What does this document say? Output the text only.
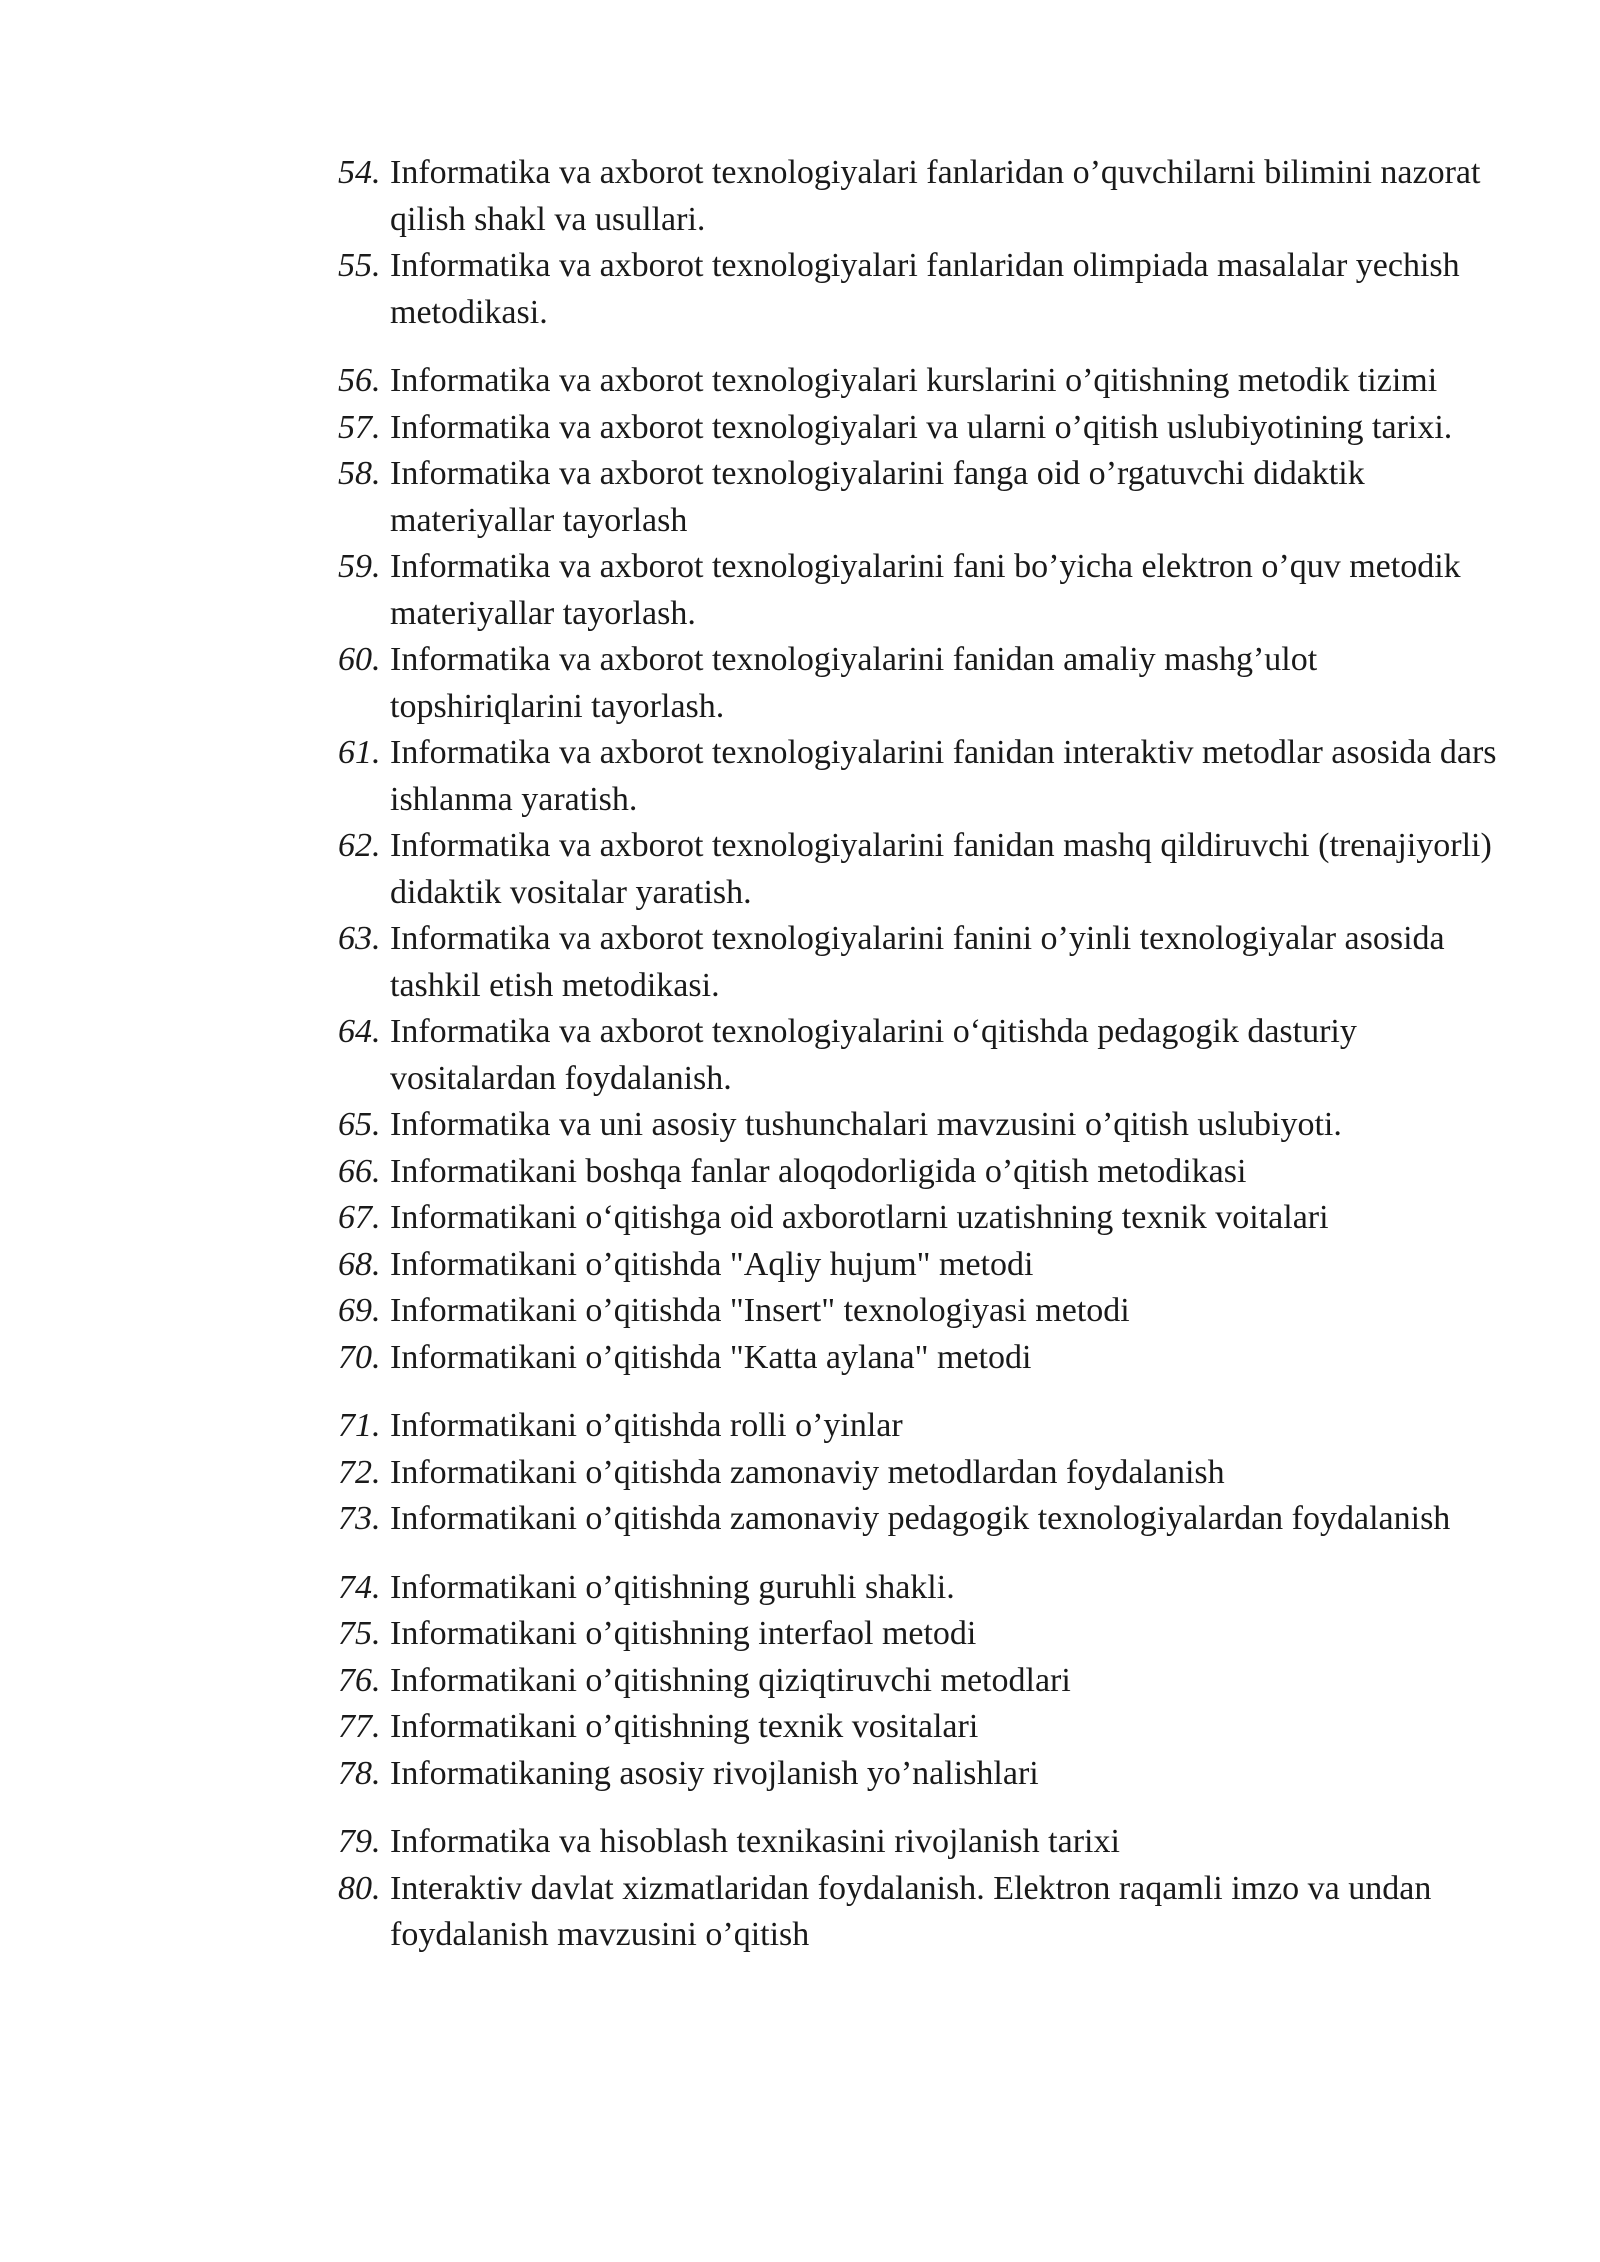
54. Informatika va axborot texnologiyalari fanlaridan o’quvchilarni bilimini nazorat qilish shakl va usullari.
55. Informatika va axborot texnologiyalari fanlaridan olimpiada masalalar yechish metodikasi.
56. Informatika va axborot texnologiyalari kurslarini o’qitishning metodik tizimi
57. Informatika va axborot texnologiyalari va ularni o’qitish uslubiyotining tarixi.
58. Informatika va axborot texnologiyalarini fanga oid o’rgatuvchi didaktik materiyallar tayorlash
59. Informatika va axborot texnologiyalarini fani bo’yicha elektron o’quv metodik materiyallar tayorlash.
60. Informatika va axborot texnologiyalarini fanidan amaliy mashg’ulot topshiriqlarini tayorlash.
61. Informatika va axborot texnologiyalarini fanidan interaktiv metodlar asosida dars ishlanma yaratish.
62. Informatika va axborot texnologiyalarini fanidan mashq qildiruvchi (trenajiyorli) didaktik vositalar yaratish.
63. Informatika va axborot texnologiyalarini fanini o’yinli texnologiyalar asosida tashkil etish metodikasi.
64. Informatika va axborot texnologiyalarini o‘qitishda pedagogik dasturiy vositalardan foydalanish.
65. Informatika va uni asosiy tushunchalari mavzusini o’qitish uslubiyoti.
66. Informatikani boshqa fanlar aloqodorligida o’qitish metodikasi
67. Informatikani o‘qitishga oid axborotlarni uzatishning texnik voitalari
68. Informatikani o’qitishda "Aqliy hujum" metodi
69. Informatikani o’qitishda "Insert" texnologiyasi metodi
70. Informatikani o’qitishda "Katta aylana" metodi
71. Informatikani o’qitishda rolli o’yinlar
72. Informatikani o’qitishda zamonaviy metodlardan foydalanish
73. Informatikani o’qitishda zamonaviy pedagogik texnologiyalardan foydalanish
74. Informatikani o’qitishning guruhli shakli.
75. Informatikani o’qitishning interfaol metodi
76. Informatikani o’qitishning qiziqtiruvchi metodlari
77. Informatikani o’qitishning texnik vositalari
78. Informatikaning asosiy rivojlanish yo’nalishlari
79. Informatika va hisoblash texnikasini rivojlanish tarixi
80. Interaktiv davlat xizmatlaridan foydalanish. Elektron raqamli imzo va undan foydalanish mavzusini o’qitish
